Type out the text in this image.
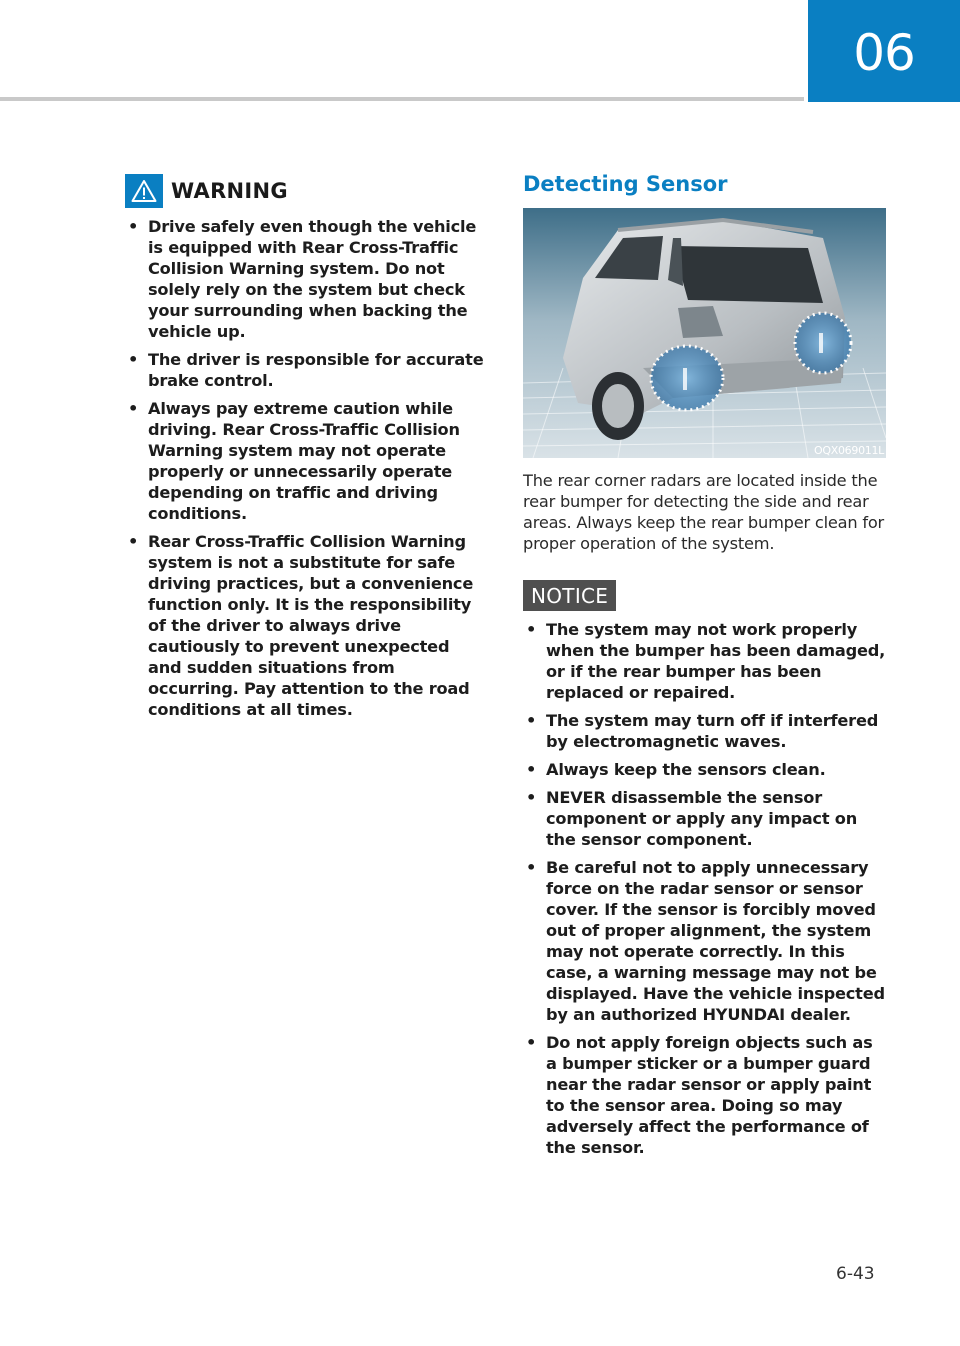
06
WARNING
• Drive safely even though the vehicle is equipped with Rear Cross-Traffic Collision Warning system. Do not solely rely on the system but check your surrounding when backing the vehicle up.
• The driver is responsible for accurate brake control.
• Always pay extreme caution while driving. Rear Cross-Traffic Collision Warning system may not operate properly or unnecessarily operate depending on traffic and driving conditions.
• Rear Cross-Traffic Collision Warning system is not a substitute for safe driving practices, but a convenience function only. It is the responsibility of the driver to always drive cautiously to prevent unexpected and sudden situations from occurring. Pay attention to the road conditions at all times.
Detecting Sensor
OQX069011L

The rear corner radars are located inside the rear bumper for detecting the side and rear areas. Always keep the rear bumper clean for proper operation of the system.

NOTICE
• The system may not work properly when the bumper has been damaged, or if the rear bumper has been replaced or repaired.
• The system may turn off if interfered by electromagnetic waves.
• Always keep the sensors clean.
• NEVER disassemble the sensor component or apply any impact on the sensor component.
• Be careful not to apply unnecessary force on the radar sensor or sensor cover. If the sensor is forcibly moved out of proper alignment, the system may not operate correctly. In this case, a warning message may not be displayed. Have the vehicle inspected by an authorized HYUNDAI dealer.
• Do not apply foreign objects such as a bumper sticker or a bumper guard near the radar sensor or apply paint to the sensor area. Doing so may adversely affect the performance of the sensor.
6-43
